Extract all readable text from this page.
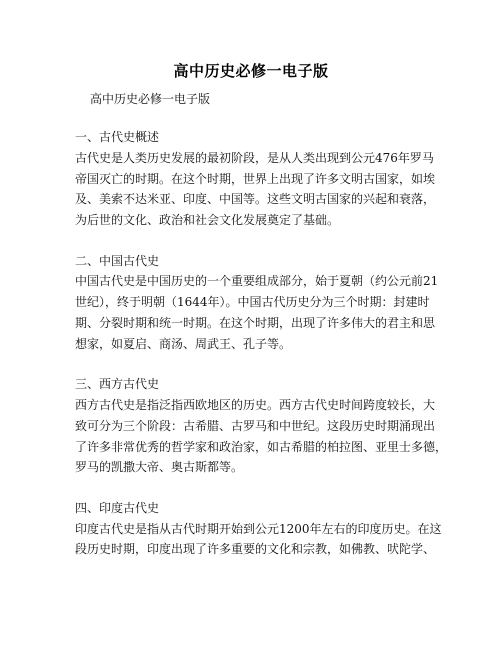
高中历史必修一电子版
高中历史必修一电子版
一、古代史概述
古代史是人类历史发展的最初阶段，是从人类出现到公元476年罗马
帝国灭亡的时期。在这个时期，世界上出现了许多文明古国家，如埃
及、美索不达米亚、印度、中国等。这些文明古国家的兴起和衰落，
为后世的文化、政治和社会文化发展奠定了基础。
二、中国古代史
中国古代史是中国历史的一个重要组成部分，始于夏朝（约公元前21
世纪），终于明朝（1644年）。中国古代历史分为三个时期：封建时
期、分裂时期和统一时期。在这个时期，出现了许多伟大的君主和思
想家，如夏启、商汤、周武王、孔子等。
三、西方古代史
西方古代史是指泛指西欧地区的历史。西方古代史时间跨度较长，大
致可分为三个阶段：古希腊、古罗马和中世纪。这段历史时期涌现出
了许多非常优秀的哲学家和政治家，如古希腊的柏拉图、亚里士多德，
罗马的凯撒大帝、奥古斯都等。
四、印度古代史
印度古代史是指从古代时期开始到公元1200年左右的印度历史。在这
段历史时期，印度出现了许多重要的文化和宗教，如佛教、吠陀学、
